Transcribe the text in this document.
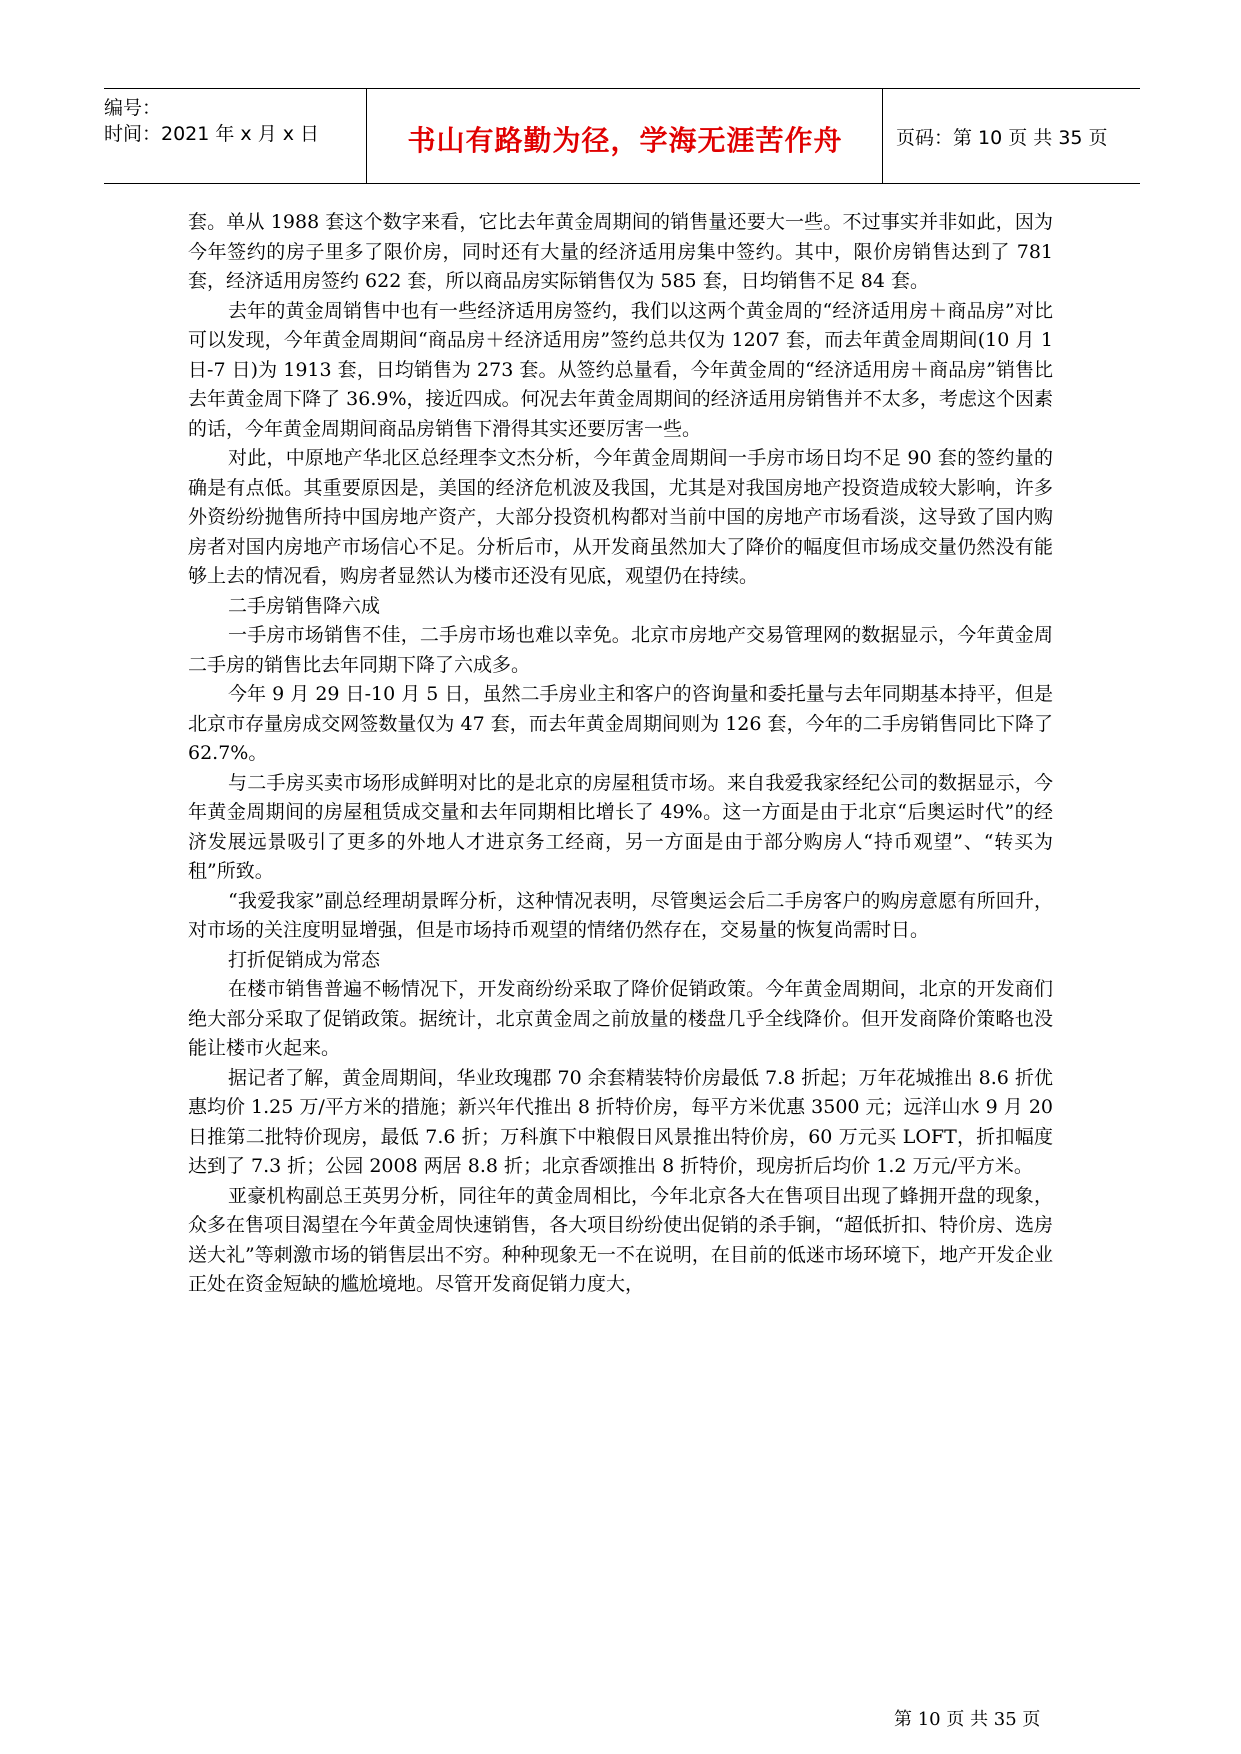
编号：
时间：2021 年 x 月 x 日	书山有路勤为径，学海无涯苦作舟	页码：第 10 页 共 35 页

套。单从 1988 套这个数字来看，它比去年黄金周期间的销售量还要大一些。不过事实并非如此，因为今年签约的房子里多了限价房，同时还有大量的经济适用房集中签约。其中，限价房销售达到了 781 套，经济适用房签约 622 套，所以商品房实际销售仅为 585 套，日均销售不足 84 套。

去年的黄金周销售中也有一些经济适用房签约，我们以这两个黄金周的“经济适用房＋商品房”对比可以发现，今年黄金周期间“商品房＋经济适用房”签约总共仅为 1207 套，而去年黄金周期间(10 月 1 日-7 日)为 1913 套，日均销售为 273 套。从签约总量看，今年黄金周的“经济适用房＋商品房”销售比去年黄金周下降了 36.9%，接近四成。何况去年黄金周期间的经济适用房销售并不太多，考虑这个因素的话，今年黄金周期间商品房销售下滑得其实还要厉害一些。

对此，中原地产华北区总经理李文杰分析，今年黄金周期间一手房市场日均不足 90 套的签约量的确是有点低。其重要原因是，美国的经济危机波及我国，尤其是对我国房地产投资造成较大影响，许多外资纷纷抛售所持中国房地产资产，大部分投资机构都对当前中国的房地产市场看淡，这导致了国内购房者对国内房地产市场信心不足。分析后市，从开发商虽然加大了降价的幅度但市场成交量仍然没有能够上去的情况看，购房者显然认为楼市还没有见底，观望仍在持续。

二手房销售降六成

一手房市场销售不佳，二手房市场也难以幸免。北京市房地产交易管理网的数据显示，今年黄金周二手房的销售比去年同期下降了六成多。

今年 9 月 29 日-10 月 5 日，虽然二手房业主和客户的咨询量和委托量与去年同期基本持平，但是北京市存量房成交网签数量仅为 47 套，而去年黄金周期间则为 126 套，今年的二手房销售同比下降了 62.7%。

与二手房买卖市场形成鲜明对比的是北京的房屋租赁市场。来自我爱我家经纪公司的数据显示，今年黄金周期间的房屋租赁成交量和去年同期相比增长了 49%。这一方面是由于北京“后奥运时代”的经济发展远景吸引了更多的外地人才进京务工经商，另一方面是由于部分购房人“持币观望”、“转买为租”所致。

“我爱我家”副总经理胡景晖分析，这种情况表明，尽管奥运会后二手房客户的购房意愿有所回升，对市场的关注度明显增强，但是市场持币观望的情绪仍然存在，交易量的恢复尚需时日。

打折促销成为常态

在楼市销售普遍不畅情况下，开发商纷纷采取了降价促销政策。今年黄金周期间，北京的开发商们绝大部分采取了促销政策。据统计，北京黄金周之前放量的楼盘几乎全线降价。但开发商降价策略也没能让楼市火起来。

据记者了解，黄金周期间，华业玫瑰郡 70 余套精装特价房最低 7.8 折起；万年花城推出 8.6 折优惠均价 1.25 万/平方米的措施；新兴年代推出 8 折特价房，每平方米优惠 3500 元；远洋山水 9 月 20 日推第二批特价现房，最低 7.6 折；万科旗下中粮假日风景推出特价房，60 万元买 LOFT，折扣幅度达到了 7.3 折；公园 2008 两居 8.8 折；北京香颂推出 8 折特价，现房折后均价 1.2 万元/平方米。

亚豪机构副总王英男分析，同往年的黄金周相比，今年北京各大在售项目出现了蜂拥开盘的现象，众多在售项目渴望在今年黄金周快速销售，各大项目纷纷使出促销的杀手锏，“超低折扣、特价房、选房送大礼”等刺激市场的销售层出不穷。种种现象无一不在说明，在目前的低迷市场环境下，地产开发企业正处在资金短缺的尴尬境地。尽管开发商促销力度大，

第 10 页 共 35 页
